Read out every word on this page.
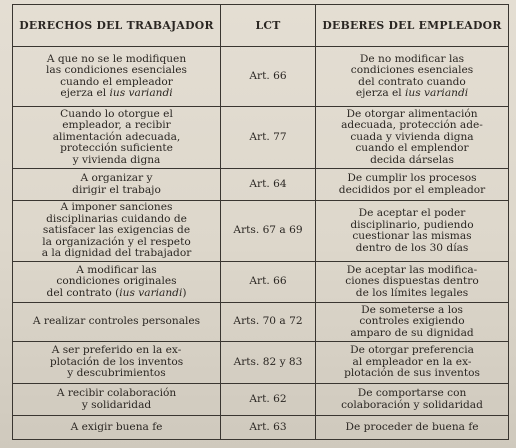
DERECHOS DEL TRABAJADOR	LCT	DEBERES DEL EMPLEADOR

A que no se le modifiquen
las condiciones esenciales
cuando el empleador
ejerza el ius variandi	Art. 66	De no modificar las
condiciones esenciales
del contrato cuando
ejerza el ius variandi

Cuando lo otorgue el
empleador, a recibir
alimentación adecuada,
protección suficiente
y vivienda digna	Art. 77	De otorgar alimentación
adecuada, protección ade-
cuada y vivienda digna
cuando el emplendor
decida dárselas

A organizar y
dirigir el trabajo	Art. 64	De cumplir los procesos
decididos por el empleador

A imponer sanciones
disciplinarias cuidando de
satisfacer las exigencias de
la organización y el respeto
a la dignidad del trabajador	Arts. 67 a 69	De aceptar el poder
disciplinario, pudiendo
cuestionar las mismas
dentro de los 30 días

A modificar las
condiciones originales
del contrato (ius variandi)	Art. 66	De aceptar las modifica-
ciones dispuestas dentro
de los límites legales

A realizar controles personales	Arts. 70 a 72	De someterse a los
controles exigiendo
amparo de su dignidad

A ser preferido en la ex-
plotación de los inventos
y descubrimientos	Arts. 82 y 83	De otorgar preferencia
al empleador en la ex-
plotación de sus inventos

A recibir colaboración
y solidaridad	Art. 62	De comportarse con
colaboración y solidaridad

A exigir buena fe	Art. 63	De proceder de buena fe
